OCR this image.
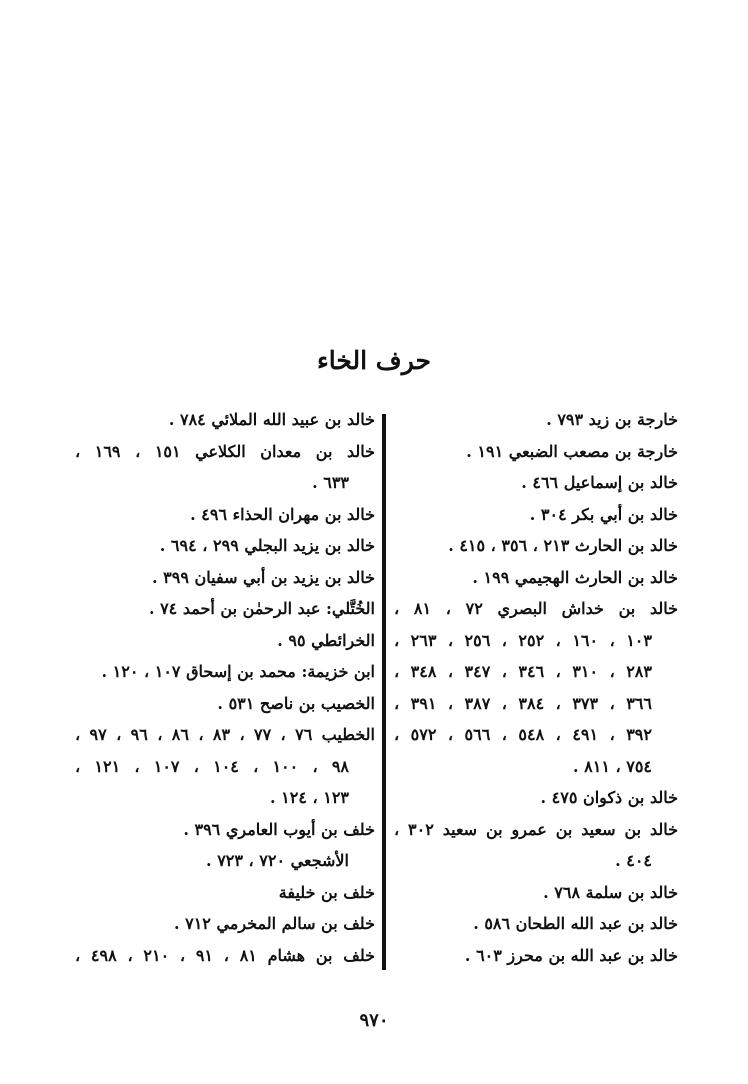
حرف الخاء
خارجة بن زيد ٧٩٣ .
خارجة بن مصعب الضبعي ١٩١ .
خالد بن إسماعيل ٤٦٦ .
خالد بن أبي بكر ٣٠٤ .
خالد بن الحارث ٢١٣ ، ٣٥٦ ، ٤١٥ .
خالد بن الحارث الهجيمي ١٩٩ .
خالد بن خداش البصري ٧٢ ، ٨١ ،
١٠٣ ، ١٦٠ ، ٢٥٢ ، ٢٥٦ ، ٢٦٣ ،
٢٨٣ ، ٣١٠ ، ٣٤٦ ، ٣٤٧ ، ٣٤٨ ،
٣٦٦ ، ٣٧٣ ، ٣٨٤ ، ٣٨٧ ، ٣٩١ ،
٣٩٢ ، ٤٩١ ، ٥٤٨ ، ٥٦٦ ، ٥٧٢ ،
٧٥٤ ، ٨١١ .
خالد بن ذكوان ٤٧٥ .
خالد بن سعيد بن عمرو بن سعيد ٣٠٢ ،
٤٠٤ .
خالد بن سلمة ٧٦٨ .
خالد بن عبد الله الطحان ٥٨٦ .
خالد بن عبد الله بن محرز ٦٠٣ .
خالد بن عبيد الله الملائي ٧٨٤ .
خالد بن معدان الكلاعي ١٥١ ، ١٦٩ ،
٦٣٣ .
خالد بن مهران الحذاء ٤٩٦ .
خالد بن يزيد البجلي ٢٩٩ ، ٦٩٤ .
خالد بن يزيد بن أبي سفيان ٣٩٩ .
الخُتَّلي: عبد الرحمٰن بن أحمد ٧٤ .
الخرائطي ٩٥ .
ابن خزيمة: محمد بن إسحاق ١٠٧ ، ١٢٠ .
الخصيب بن ناصح ٥٣١ .
الخطيب ٧٦ ، ٧٧ ، ٨٣ ، ٨٦ ، ٩٦ ، ٩٧ ،
٩٨ ، ١٠٠ ، ١٠٤ ، ١٠٧ ، ١٢١ ،
١٢٣ ، ١٢٤ .
خلف بن أيوب العامري ٣٩٦ .
الأشجعي ٧٢٠ ، ٧٢٣ .
خلف بن خليفة
خلف بن سالم المخرمي ٧١٢ .
خلف بن هشام ٨١ ، ٩١ ، ٢١٠ ، ٤٩٨ ،
٩٧٠
